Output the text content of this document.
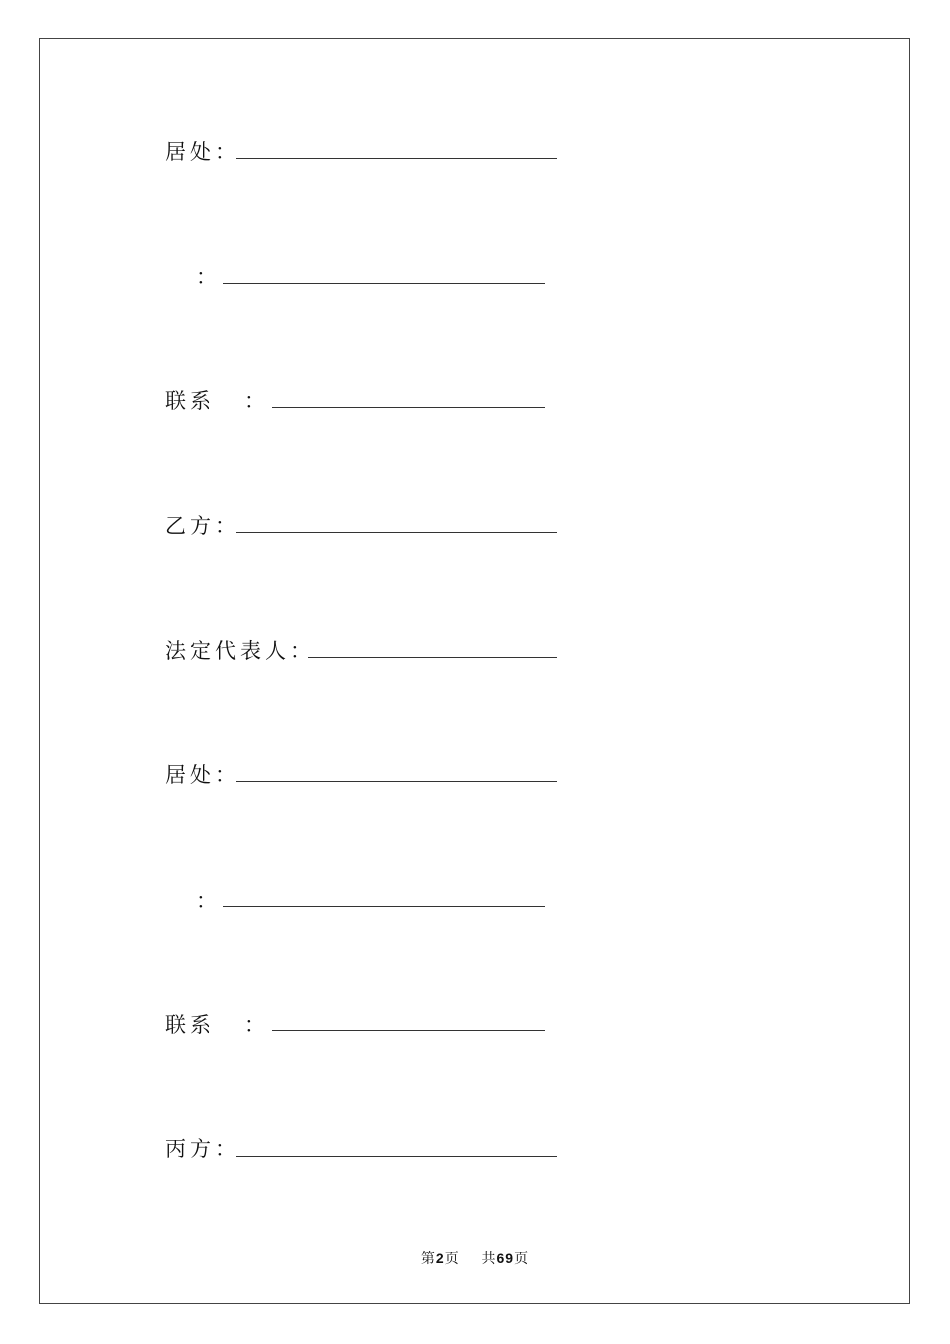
居处 ：
：
联系 ：
乙方 ：
法定代表人 ：
居处 ：
：
联系 ：
丙方 ：
第2页 共69页
